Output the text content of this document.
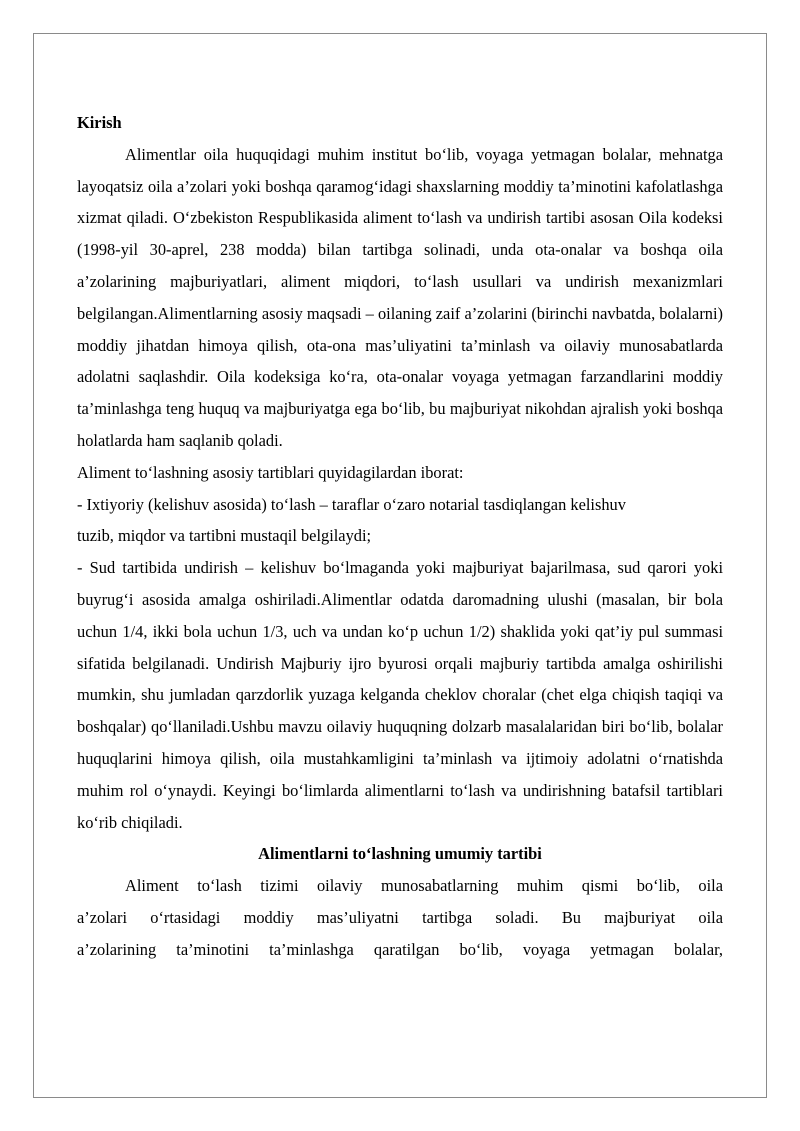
Kirish

Alimentlar oila huquqidagi muhim institut bo‘lib, voyaga yetmagan bolalar, mehnatga layoqatsiz oila a’zolari yoki boshqa qaramog‘idagi shaxslarning moddiy ta’minotini kafolatlashga xizmat qiladi. O‘zbekiston Respublikasida aliment to‘lash va undirish tartibi asosan Oila kodeksi (1998-yil 30-aprel, 238 modda) bilan tartibga solinadi, unda ota-onalar va boshqa oila a’zolarining majburiyatlari, aliment miqdori, to‘lash usullari va undirish mexanizmlari belgilangan.Alimentlarning asosiy maqsadi – oilaning zaif a’zolarini (birinchi navbatda, bolalarni) moddiy jihatdan himoya qilish, ota-ona mas’uliyatini ta’minlash va oilaviy munosabatlarda adolatni saqlashdir. Oila kodeksiga ko‘ra, ota-onalar voyaga yetmagan farzandlarini moddiy ta’minlashga teng huquq va majburiyatga ega bo‘lib, bu majburiyat nikohdan ajralish yoki boshqa holatlarda ham saqlanib qoladi.

Aliment to‘lashning asosiy tartiblari quyidagilardan iborat:

- Ixtiyoriy (kelishuv asosida) to‘lash – taraflar o‘zaro notarial tasdiqlangan kelishuv

tuzib, miqdor va tartibni mustaqil belgilaydi;

- Sud tartibida undirish – kelishuv bo‘lmaganda yoki majburiyat bajarilmasa, sud qarori yoki buyrug‘i asosida amalga oshiriladi.Alimentlar odatda daromadning ulushi (masalan, bir bola uchun 1/4, ikki bola uchun 1/3, uch va undan ko‘p uchun 1/2) shaklida yoki qat’iy pul summasi sifatida belgilanadi. Undirish Majburiy ijro byurosi orqali majburiy tartibda amalga oshirilishi mumkin, shu jumladan qarzdorlik yuzaga kelganda cheklov choralar (chet elga chiqish taqiqi va boshqalar) qo‘llaniladi.Ushbu mavzu oilaviy huquqning dolzarb masalalaridan biri bo‘lib, bolalar huquqlarini himoya qilish, oila mustahkamligini ta’minlash va ijtimoiy adolatni o‘rnatishda muhim rol o‘ynaydi. Keyingi bo‘limlarda alimentlarni to‘lash va undirishning batafsil tartiblari ko‘rib chiqiladi.

Alimentlarni to‘lashning umumiy tartibi

Aliment to‘lash tizimi oilaviy munosabatlarning muhim qismi bo‘lib, oila

a’zolari o‘rtasidagi moddiy mas’uliyatni tartibga soladi. Bu majburiyat oila

a’zolarining ta’minotini ta’minlashga qaratilgan bo‘lib, voyaga yetmagan bolalar,
